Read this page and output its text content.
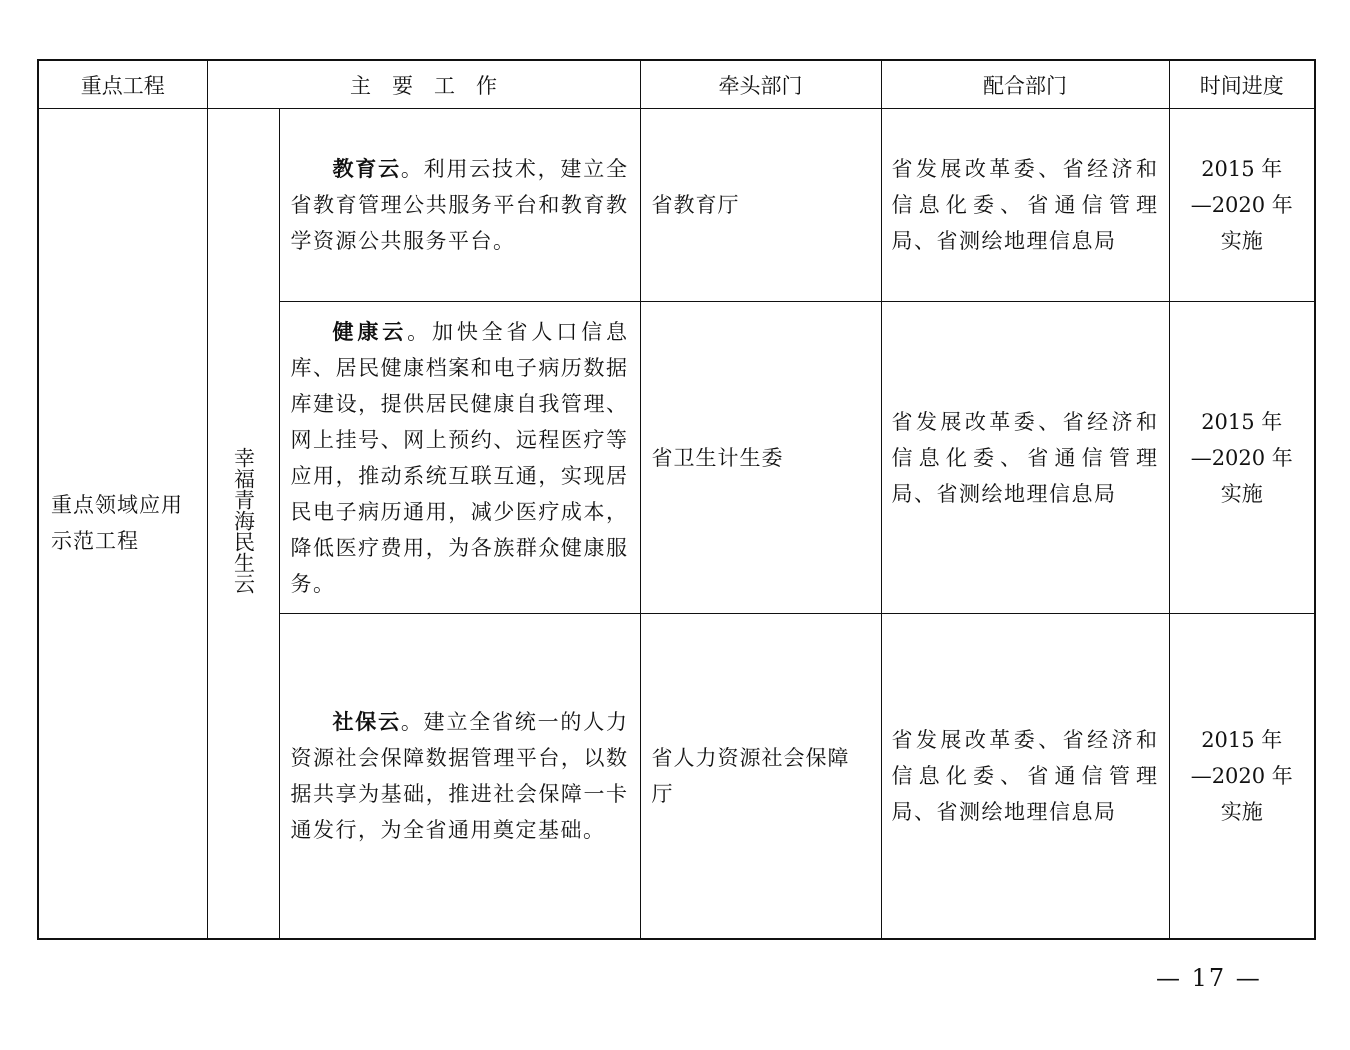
重点工程	主　要　工　作		牵头部门	配合部门	时间进度
重点领域应用示范工程	幸福青海民生云	教育云。利用云技术，建立全省教育管理公共服务平台和教育教学资源公共服务平台。	省教育厅	省发展改革委、省经济和信息化委、省通信管理局、省测绘地理信息局	2015 年
—2020 年
实施

		健康云。加快全省人口信息库、居民健康档案和电子病历数据库建设，提供居民健康自我管理、网上挂号、网上预约、远程医疗等应用，推动系统互联互通，实现居民电子病历通用，减少医疗成本，降低医疗费用，为各族群众健康服务。	省卫生计生委	省发展改革委、省经济和信息化委、省通信管理局、省测绘地理信息局	2015 年
—2020 年
实施

		社保云。建立全省统一的人力资源社会保障数据管理平台，以数据共享为基础，推进社会保障一卡通发行，为全省通用奠定基础。	省人力资源社会保障厅	省发展改革委、省经济和信息化委、省通信管理局、省测绘地理信息局	2015 年
—2020 年
实施
— 17 —
